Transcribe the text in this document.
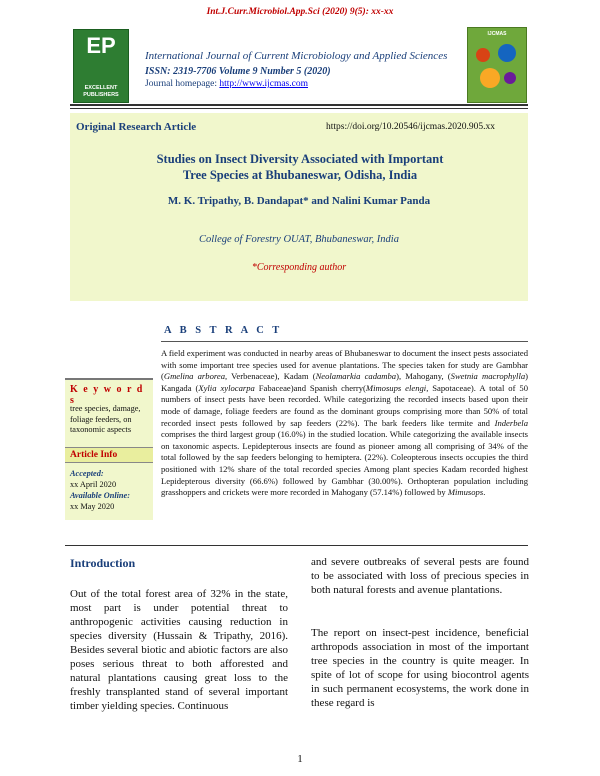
Int.J.Curr.Microbiol.App.Sci (2020) 9(5): xx-xx
EP
EXCELLENT PUBLISHERS
International Journal of Current Microbiology and Applied Sciences
ISSN: 2319-7706 Volume 9 Number 5 (2020)
Journal homepage: http://www.ijcmas.com
IJCMAS
Original Research Article	https://doi.org/10.20546/ijcmas.2020.905.xx
Studies on Insect Diversity Associated with Important
Tree Species at Bhubaneswar, Odisha, India
M. K. Tripathy, B. Dandapat* and Nalini Kumar Panda
College of Forestry OUAT, Bhubaneswar, India
*Corresponding author
A B S T R A C T
A field experiment was conducted in nearby areas of Bhubaneswar to document the insect pests associated with some important tree species used for avenue plantations. The species taken for study are Gambhar (Gmelina arborea, Verbenaceae), Kadam (Neolamarkia cadamba), Mahogany, (Swetnia macrophylla) Kangada (Xylia xylocarpa Fabaceae)and Spanish cherry(Mimosups elengi, Sapotaceae). A total of 50 numbers of insect pests have been recorded. While categorizing the recorded insects based upon their mode of damage, foliage feeders are found as the dominant groups comprising more than 50% of total recorded insect pests followed by sap feeders (22%). The bark feeders like termite and Inderbela comprises the third largest group (16.0%) in the studied location. While categorizing the available insects on taxonomic aspects. Lepidepterous insects are found as pioneer among all comprising of 34% of the total followed by the sap feeders belonging to hemiptera. (22%). Coleopterous insects occupies the third positioned with 12% share of the total recorded species Among plant species Kadam recorded highest Lepidepterous diversity (66.6%) followed by Gambhar (30.00%). Orthopteran population including grasshoppers and crickets were more recorded in Mahogany (57.14%) followed by Mimusops.
K e y w o r d s
tree species, damage, foliage feeders, on taxonomic aspects
Article Info
Accepted:
xx April 2020
Available Online:
xx May 2020
Introduction
Out of the total forest area of 32% in the state, most part is under potential threat to anthropogenic activities causing reduction in species diversity (Hussain & Tripathy, 2016). Besides several biotic and abiotic factors are also poses serious threat to both afforested and natural plantations causing great loss to the freshly transplanted stand of several important timber yielding species. Continuous
and severe outbreaks of several pests are found to be associated with loss of precious species in both natural forests and avenue plantations.
The report on insect-pest incidence, beneficial arthropods association in most of the important tree species in the country is quite meager. In spite of lot of scope for using biocontrol agents in such permanent ecosystems, the work done in these regard is
1
